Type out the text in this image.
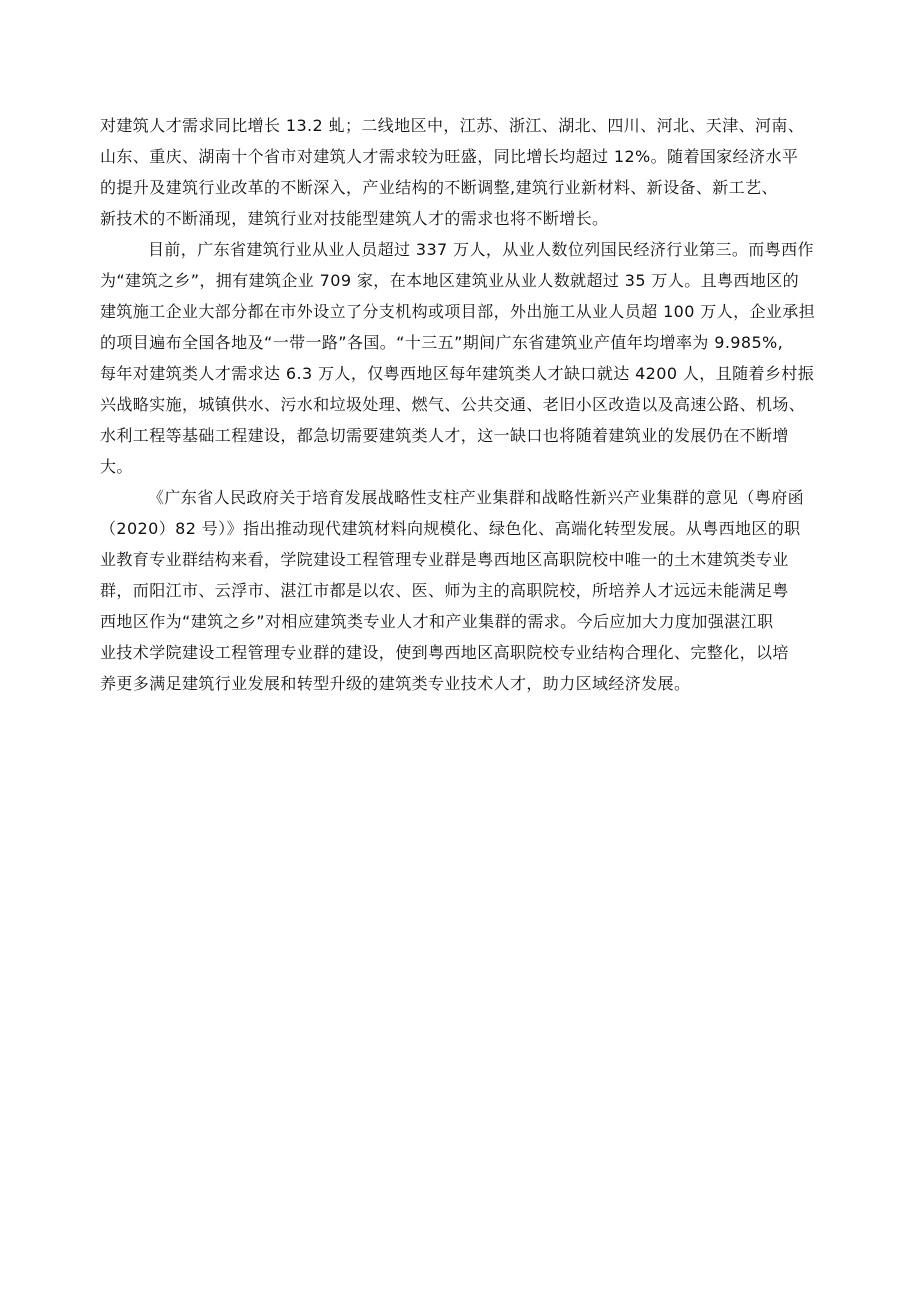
对建筑人才需求同比增长 13.2 虬；二线地区中，江苏、浙江、湖北、四川、河北、天津、河南、
山东、重庆、湖南十个省市对建筑人才需求较为旺盛，同比增长均超过 12%。随着国家经济水平
的提升及建筑行业改革的不断深入，产业结构的不断调整,建筑行业新材料、新设备、新工艺、
新技术的不断涌现，建筑行业对技能型建筑人才的需求也将不断增长。
目前，广东省建筑行业从业人员超过 337 万人，从业人数位列国民经济行业第三。而粤西作
为“建筑之乡”，拥有建筑企业 709 家，在本地区建筑业从业人数就超过 35 万人。且粤西地区的
建筑施工企业大部分都在市外设立了分支机构或项目部，外出施工从业人员超 100 万人，企业承担
的项目遍布全国各地及“一带一路”各国。“十三五”期间广东省建筑业产值年均增率为 9.985%,
每年对建筑类人才需求达 6.3 万人，仅粤西地区每年建筑类人才缺口就达 4200 人，且随着乡村振
兴战略实施，城镇供水、污水和垃圾处理、燃气、公共交通、老旧小区改造以及高速公路、机场、
水利工程等基础工程建设，都急切需要建筑类人才，这一缺口也将随着建筑业的发展仍在不断增
大。
《广东省人民政府关于培育发展战略性支柱产业集群和战略性新兴产业集群的意见（粤府函
（2020）82 号）》指出推动现代建筑材料向规模化、绿色化、高端化转型发展。从粤西地区的职
业教育专业群结构来看，学院建设工程管理专业群是粤西地区高职院校中唯一的土木建筑类专业
群，而阳江市、云浮市、湛江市都是以农、医、师为主的高职院校，所培养人才远远未能满足粤
西地区作为“建筑之乡”对相应建筑类专业人才和产业集群的需求。今后应加大力度加强湛江职
业技术学院建设工程管理专业群的建设，使到粤西地区高职院校专业结构合理化、完整化，以培
养更多满足建筑行业发展和转型升级的建筑类专业技术人才，助力区域经济发展。
